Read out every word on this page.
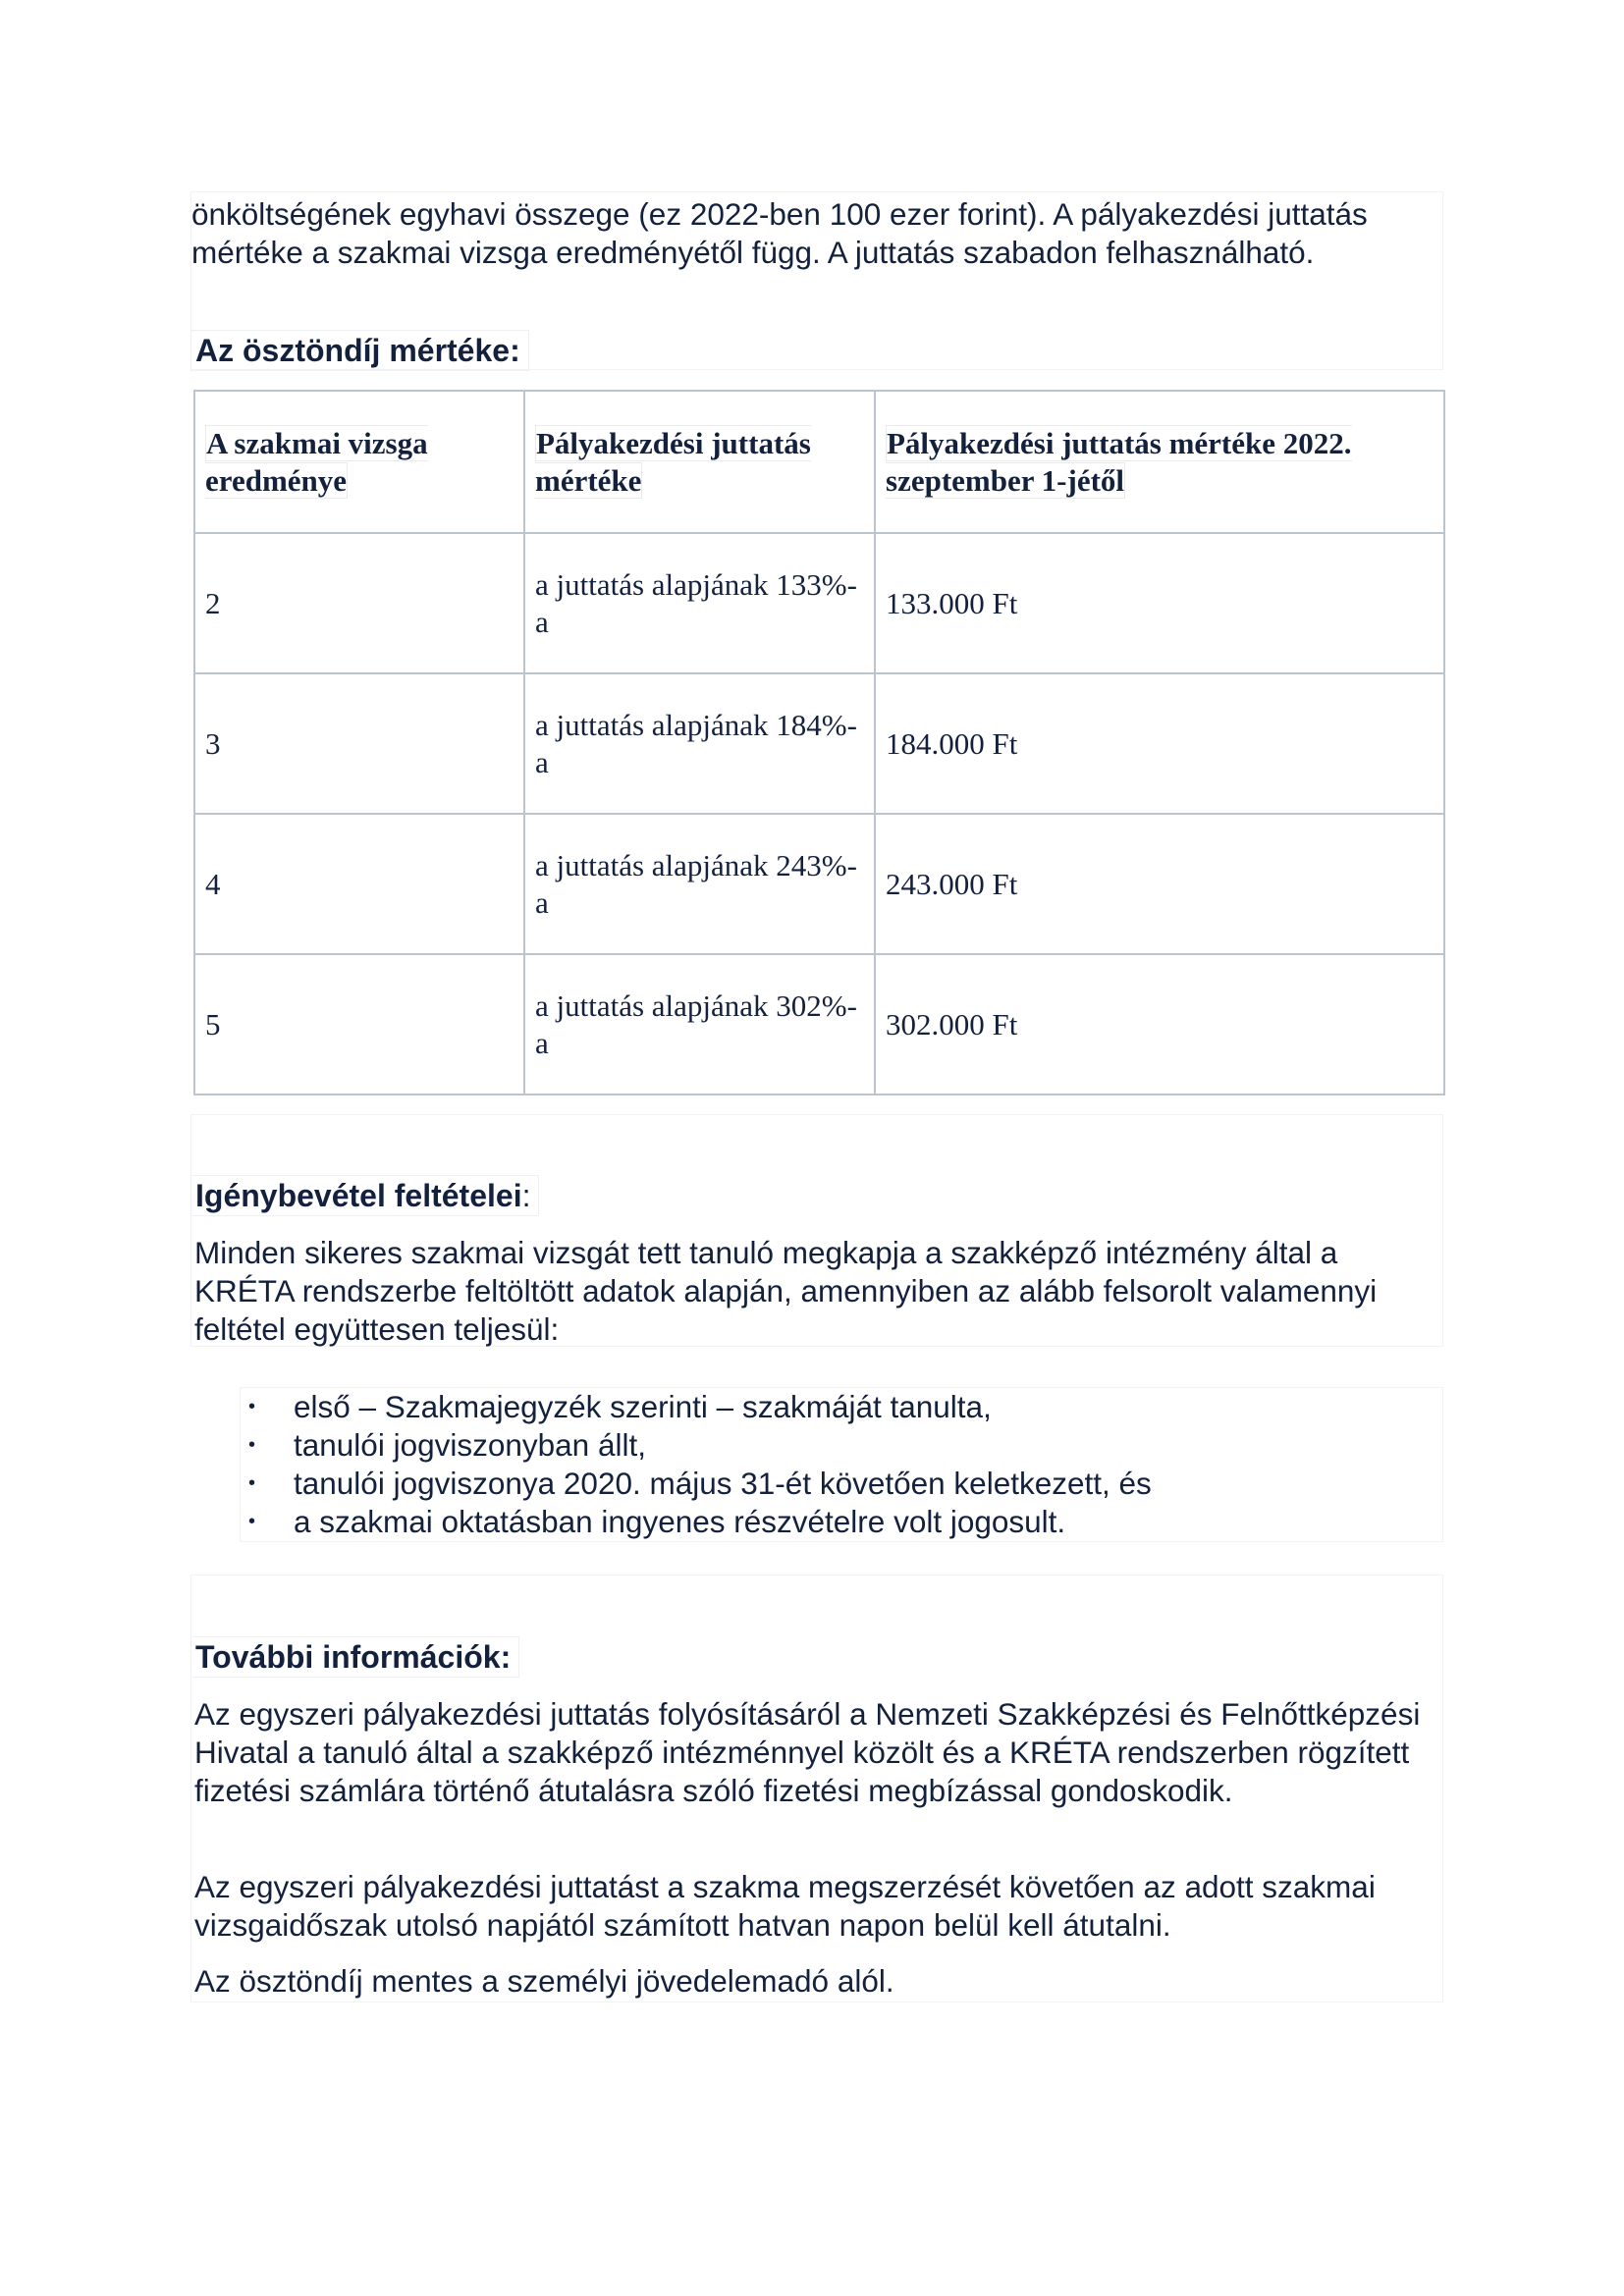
önköltségének egyhavi összege (ez 2022-ben 100 ezer forint). A pályakezdési juttatás mértéke a szakmai vizsga eredményétől függ. A juttatás szabadon felhasználható.

Az ösztöndíj mértéke:
A szakmai vizsga eredménye	Pályakezdési juttatás mértéke	Pályakezdési juttatás mértéke 2022. szeptember 1-jétől
2	a juttatás alapjának 133%-a	133.000 Ft
3	a juttatás alapjának 184%-a	184.000 Ft
4	a juttatás alapjának 243%-a	243.000 Ft
5	a juttatás alapjának 302%-a	302.000 Ft
Igénybevétel feltételei:

Minden sikeres szakmai vizsgát tett tanuló megkapja a szakképző intézmény által a KRÉTA rendszerbe feltöltött adatok alapján, amennyiben az alább felsorolt valamennyi feltétel együttesen teljesül:

• első – Szakmajegyzék szerinti – szakmáját tanulta,
• tanulói jogviszonyban állt,
• tanulói jogviszonya 2020. május 31-ét követően keletkezett, és
• a szakmai oktatásban ingyenes részvételre volt jogosult.
További információk:

Az egyszeri pályakezdési juttatás folyósításáról a Nemzeti Szakképzési és Felnőttképzési Hivatal a tanuló által a szakképző intézménnyel közölt és a KRÉTA rendszerben rögzített fizetési számlára történő átutalásra szóló fizetési megbízással gondoskodik.

Az egyszeri pályakezdési juttatást a szakma megszerzését követően az adott szakmai vizsgaidőszak utolsó napjától számított hatvan napon belül kell átutalni.

Az ösztöndíj mentes a személyi jövedelemadó alól.
